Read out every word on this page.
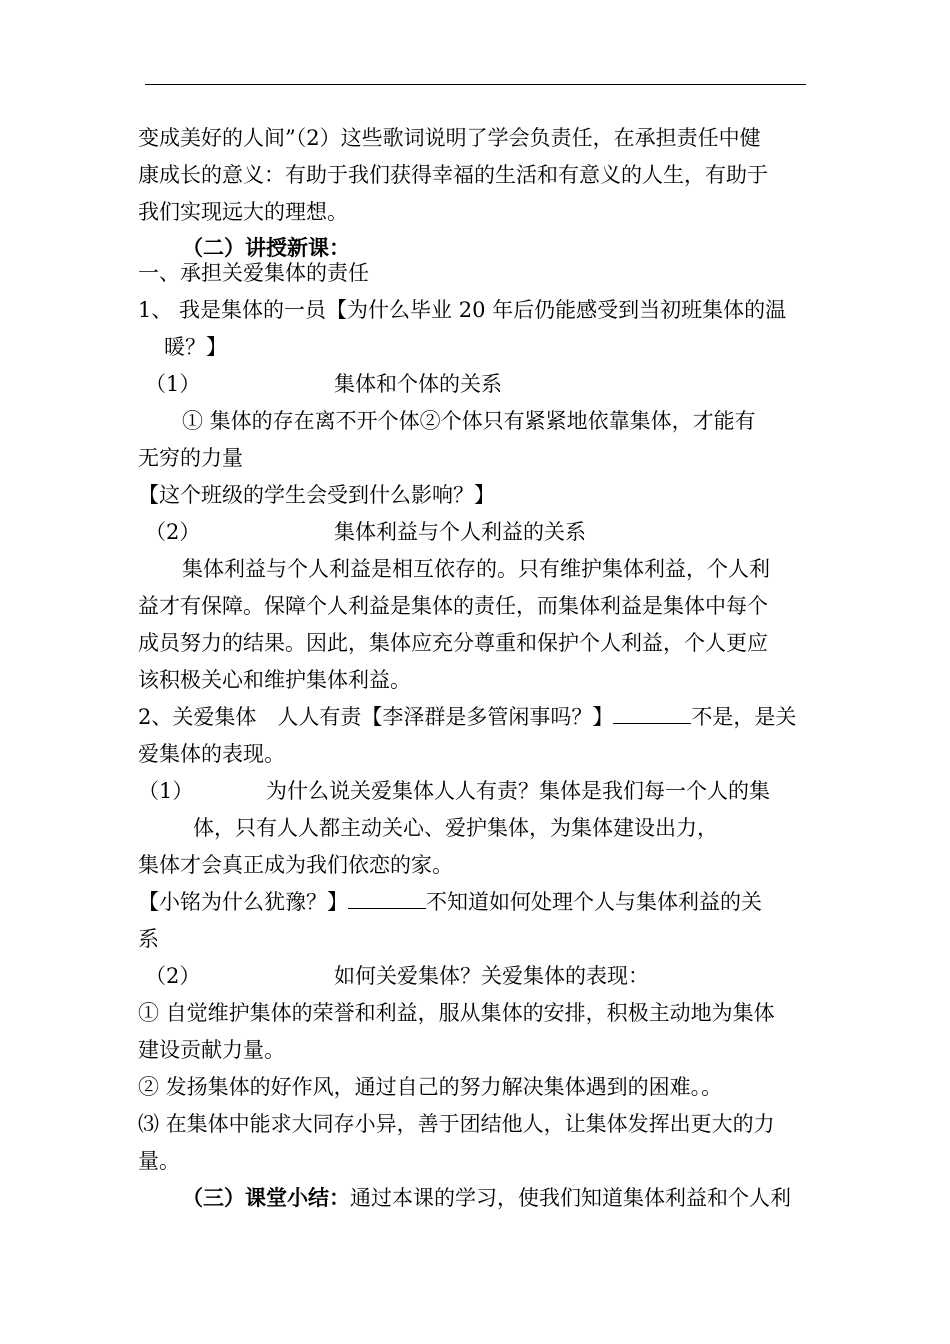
变成美好的人间”（2）这些歌词说明了学会负责任，在承担责任中健
康成长的意义：有助于我们获得幸福的生活和有意义的人生，有助于
我们实现远大的理想。
（二）讲授新课：
一、承担关爱集体的责任
1、 我是集体的一员【为什么毕业 20 年后仍能感受到当初班集体的温
暖？】
（1）	集体和个体的关系
① 集体的存在离不开个体②个体只有紧紧地依靠集体，才能有
无穷的力量
【这个班级的学生会受到什么影响？】
（2）	集体利益与个人利益的关系
集体利益与个人利益是相互依存的。只有维护集体利益，个人利
益才有保障。保障个人利益是集体的责任，而集体利益是集体中每个
成员努力的结果。因此，集体应充分尊重和保护个人利益，个人更应
该积极关心和维护集体利益。
2、关爱集体　人人有责【李泽群是多管闲事吗？】	不是，是关
爱集体的表现。
（1）	为什么说关爱集体人人有责？集体是我们每一个人的集
体，只有人人都主动关心、爱护集体，为集体建设出力，
集体才会真正成为我们依恋的家。
【小铭为什么犹豫？】	不知道如何处理个人与集体利益的关
系
（2）	如何关爱集体？关爱集体的表现：
① 自觉维护集体的荣誉和利益，服从集体的安排，积极主动地为集体
建设贡献力量。
② 发扬集体的好作风，通过自己的努力解决集体遇到的困难。。
⑶ 在集体中能求大同存小异，善于团结他人，让集体发挥出更大的力
量。
（三）课堂小结：通过本课的学习，使我们知道集体利益和个人利
